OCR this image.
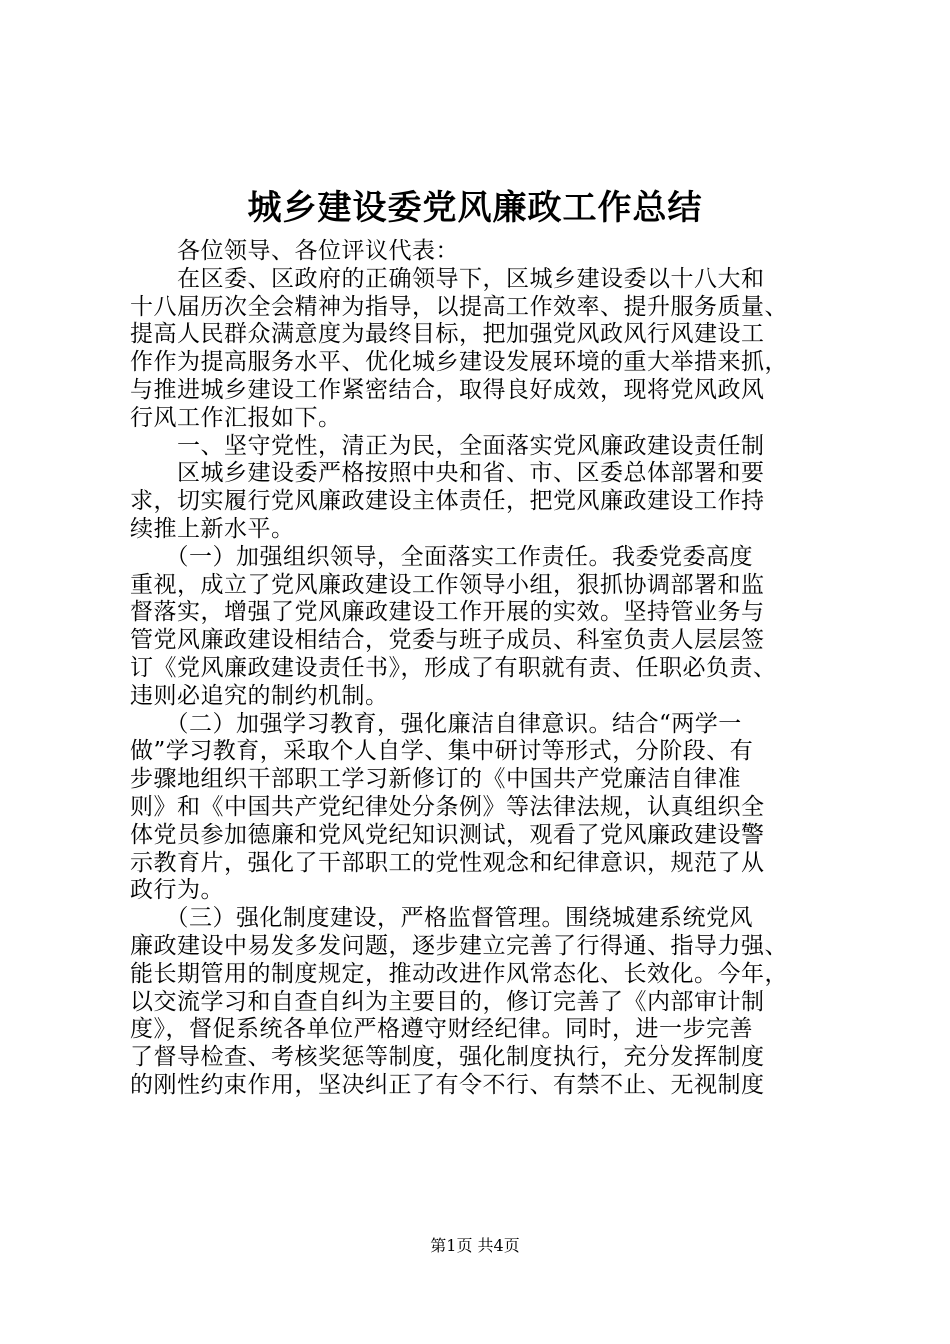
城乡建设委党风廉政工作总结
　　各位领导、各位评议代表：
　　在区委、区政府的正确领导下，区城乡建设委以十八大和
十八届历次全会精神为指导，以提高工作效率、提升服务质量、
提高人民群众满意度为最终目标，把加强党风政风行风建设工
作作为提高服务水平、优化城乡建设发展环境的重大举措来抓，
与推进城乡建设工作紧密结合，取得良好成效，现将党风政风
行风工作汇报如下。
　　一、坚守党性，清正为民，全面落实党风廉政建设责任制
　　区城乡建设委严格按照中央和省、市、区委总体部署和要
求，切实履行党风廉政建设主体责任，把党风廉政建设工作持
续推上新水平。
　　（一）加强组织领导，全面落实工作责任。我委党委高度
重视，成立了党风廉政建设工作领导小组，狠抓协调部署和监
督落实，增强了党风廉政建设工作开展的实效。坚持管业务与
管党风廉政建设相结合，党委与班子成员、科室负责人层层签
订《党风廉政建设责任书》，形成了有职就有责、任职必负责、
违则必追究的制约机制。
　　（二）加强学习教育，强化廉洁自律意识。结合“两学一
做”学习教育，采取个人自学、集中研讨等形式，分阶段、有
步骤地组织干部职工学习新修订的《中国共产党廉洁自律准
则》和《中国共产党纪律处分条例》等法律法规，认真组织全
体党员参加德廉和党风党纪知识测试，观看了党风廉政建设警
示教育片，强化了干部职工的党性观念和纪律意识，规范了从
政行为。
　　（三）强化制度建设，严格监督管理。围绕城建系统党风
廉政建设中易发多发问题，逐步建立完善了行得通、指导力强、
能长期管用的制度规定，推动改进作风常态化、长效化。今年，
以交流学习和自查自纠为主要目的，修订完善了《内部审计制
度》，督促系统各单位严格遵守财经纪律。同时，进一步完善
了督导检查、考核奖惩等制度，强化制度执行，充分发挥制度
的刚性约束作用，坚决纠正了有令不行、有禁不止、无视制度
第1页 共4页
